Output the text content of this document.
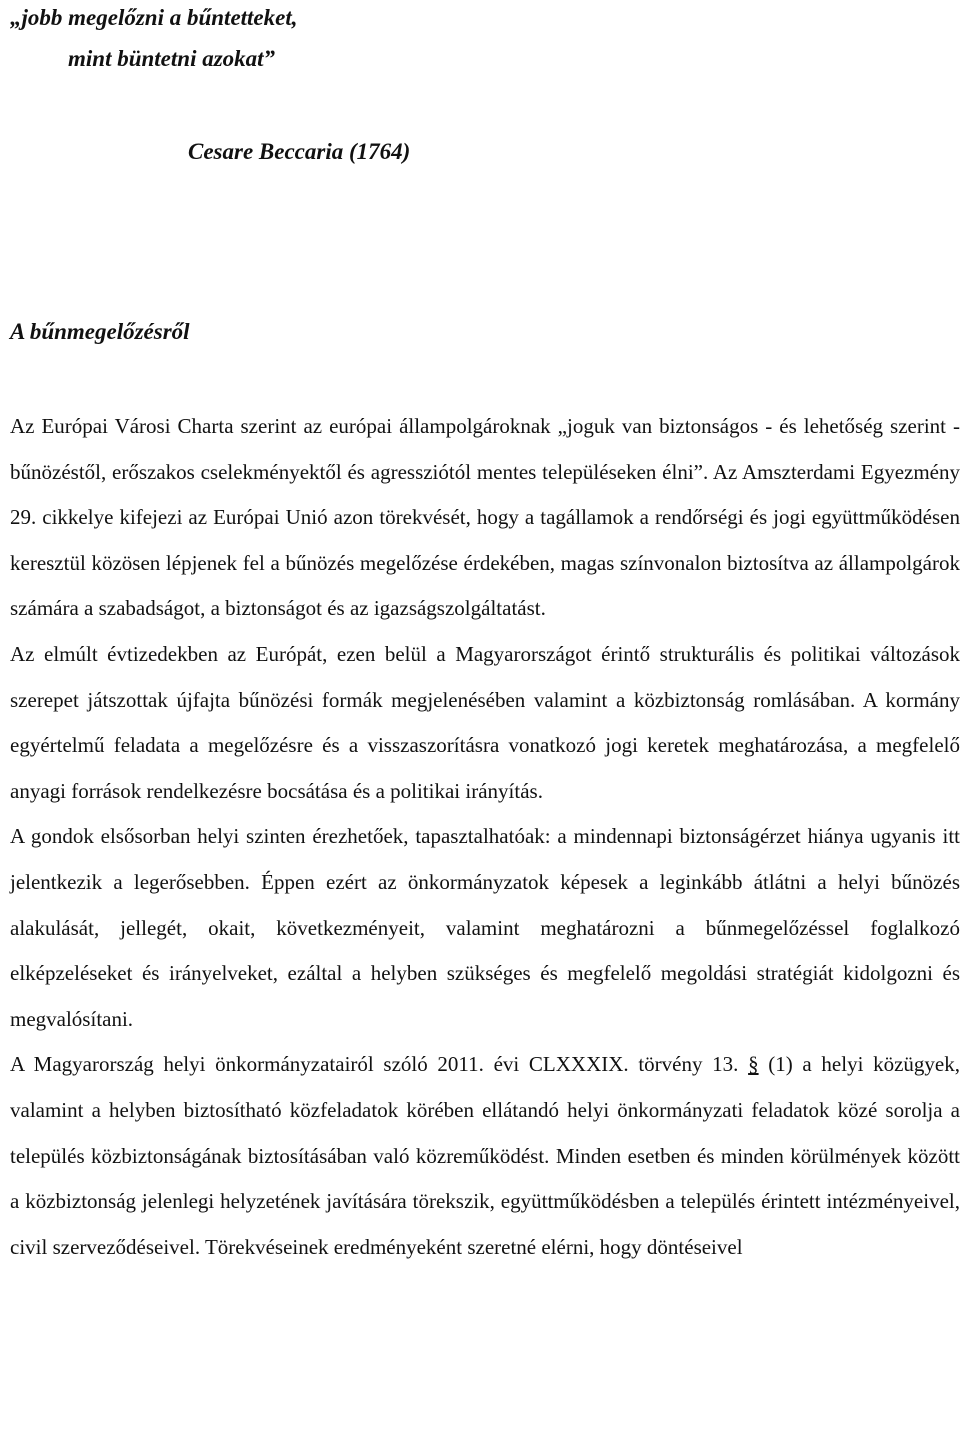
„jobb megelőzni a bűntetteket,
mint büntetni azokat”
Cesare Beccaria (1764)
A bűnmegelőzésről

Az Európai Városi Charta szerint az európai állampolgároknak „joguk van biztonságos - és lehetőség szerint - bűnözéstől, erőszakos cselekményektől és agressziótól mentes településeken élni”. Az Amszterdami Egyezmény 29. cikkelye kifejezi az Európai Unió azon törekvését, hogy a tagállamok a rendőrségi és jogi együttműködésen keresztül közösen lépjenek fel a bűnözés megelőzése érdekében, magas színvonalon biztosítva az állampolgárok számára a szabadságot, a biztonságot és az igazságszolgáltatást.

Az elmúlt évtizedekben az Európát, ezen belül a Magyarországot érintő strukturális és politikai változások szerepet játszottak újfajta bűnözési formák megjelenésében valamint a közbiztonság romlásában. A kormány egyértelmű feladata a megelőzésre és a visszaszorításra vonatkozó jogi keretek meghatározása, a megfelelő anyagi források rendelkezésre bocsátása és a politikai irányítás.

A gondok elsősorban helyi szinten érezhetőek, tapasztalhatóak: a mindennapi biztonságérzet hiánya ugyanis itt jelentkezik a legerősebben. Éppen ezért az önkormányzatok képesek a leginkább átlátni a helyi bűnözés alakulását, jellegét, okait, következményeit, valamint meghatározni a bűnmegelőzéssel foglalkozó elképzeléseket és irányelveket, ezáltal a helyben szükséges és megfelelő megoldási stratégiát kidolgozni és megvalósítani.

A Magyarország helyi önkormányzatairól szóló 2011. évi CLXXXIX. törvény 13. § (1) a helyi közügyek, valamint a helyben biztosítható közfeladatok körében ellátandó helyi önkormányzati feladatok közé sorolja a település közbiztonságának biztosításában való közreműködést. Minden esetben és minden körülmények között a közbiztonság jelenlegi helyzetének javítására törekszik, együttműködésben a település érintett intézményeivel, civil szerveződéseivel. Törekvéseinek eredményeként szeretné elérni, hogy döntéseivel
